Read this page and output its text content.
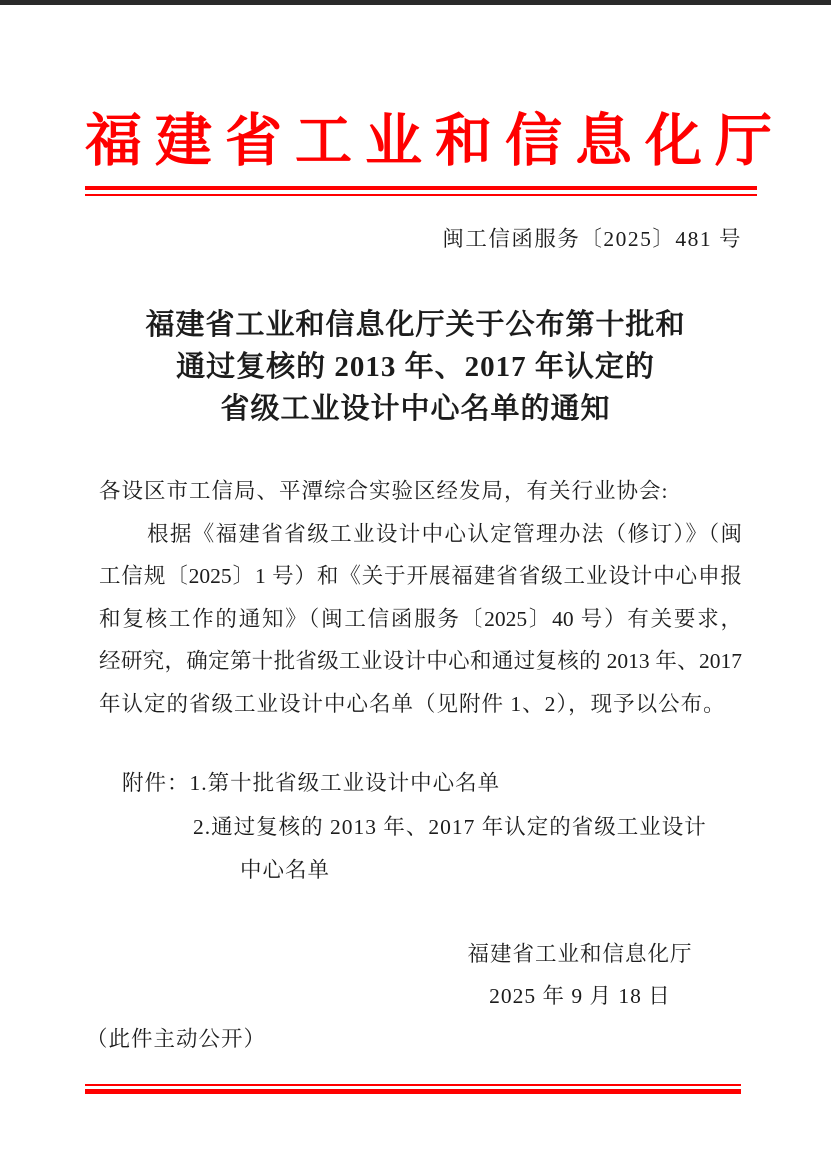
福建省工业和信息化厅
闽工信函服务〔2025〕481 号
福建省工业和信息化厅关于公布第十批和
通过复核的 2013 年、2017 年认定的
省级工业设计中心名单的通知
各设区市工信局、平潭综合实验区经发局，有关行业协会:
根据《福建省省级工业设计中心认定管理办法（修订）》（闽
工信规〔2025〕1 号）和《关于开展福建省省级工业设计中心申报
和复核工作的通知》（闽工信函服务〔2025〕40 号）有关要求，
经研究，确定第十批省级工业设计中心和通过复核的 2013 年、2017
年认定的省级工业设计中心名单（见附件 1、2），现予以公布。
附件：1.第十批省级工业设计中心名单
2.通过复核的 2013 年、2017 年认定的省级工业设计
中心名单
福建省工业和信息化厅
2025 年 9 月 18 日
（此件主动公开）
